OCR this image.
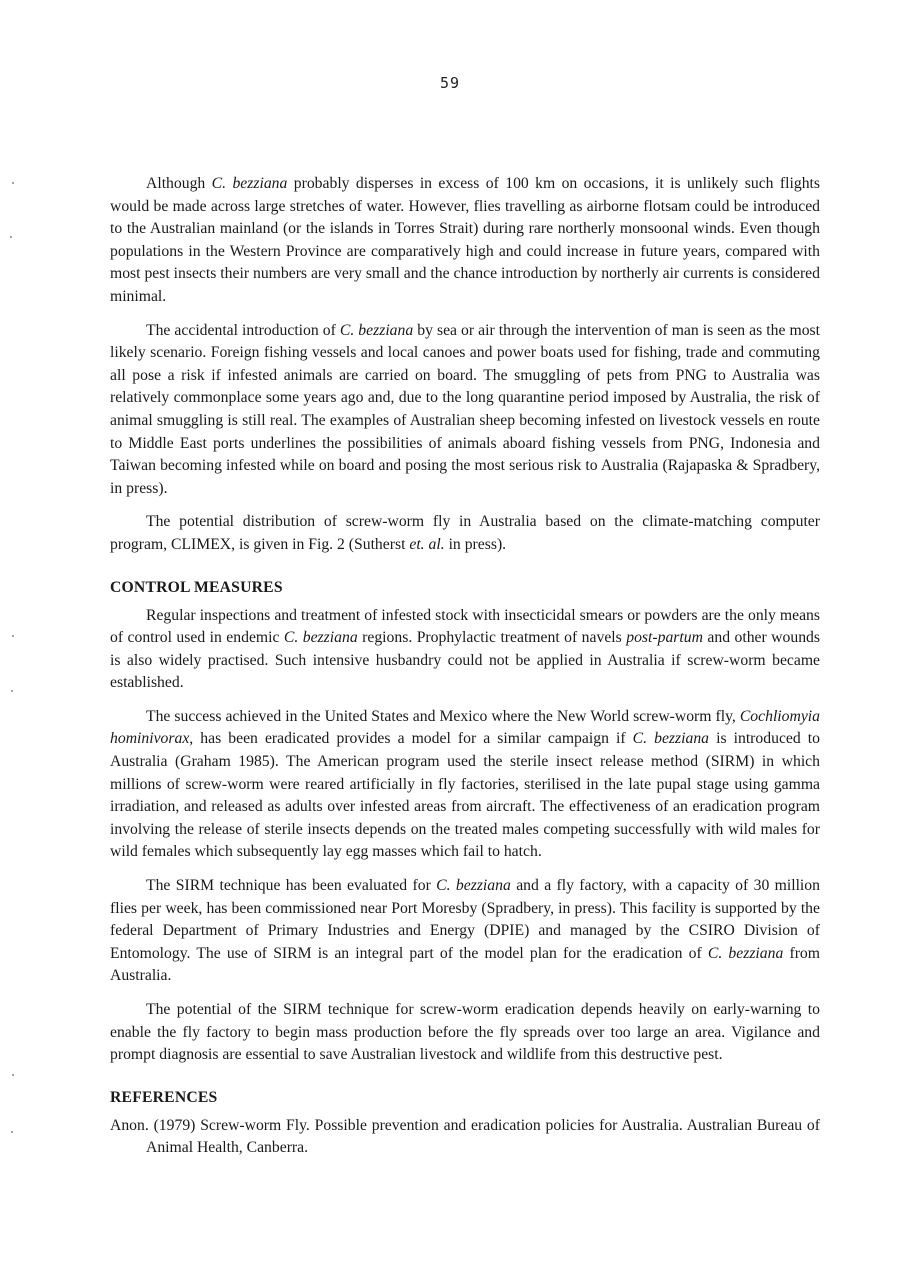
59

Although C. bezziana probably disperses in excess of 100 km on occasions, it is unlikely such flights would be made across large stretches of water. However, flies travelling as airborne flotsam could be introduced to the Australian mainland (or the islands in Torres Strait) during rare northerly monsoonal winds. Even though populations in the Western Province are comparatively high and could increase in future years, compared with most pest insects their numbers are very small and the chance introduction by northerly air currents is considered minimal.

The accidental introduction of C. bezziana by sea or air through the intervention of man is seen as the most likely scenario. Foreign fishing vessels and local canoes and power boats used for fishing, trade and commuting all pose a risk if infested animals are carried on board. The smuggling of pets from PNG to Australia was relatively commonplace some years ago and, due to the long quarantine period imposed by Australia, the risk of animal smuggling is still real. The examples of Australian sheep becoming infested on livestock vessels en route to Middle East ports underlines the possibilities of animals aboard fishing vessels from PNG, Indonesia and Taiwan becoming infested while on board and posing the most serious risk to Australia (Rajapaska & Spradbery, in press).

The potential distribution of screw-worm fly in Australia based on the climate-matching computer program, CLIMEX, is given in Fig. 2 (Sutherst et. al. in press).

CONTROL MEASURES

Regular inspections and treatment of infested stock with insecticidal smears or powders are the only means of control used in endemic C. bezziana regions. Prophylactic treatment of navels post-partum and other wounds is also widely practised. Such intensive husbandry could not be applied in Australia if screw-worm became established.

The success achieved in the United States and Mexico where the New World screw-worm fly, Cochliomyia hominivorax, has been eradicated provides a model for a similar campaign if C. bezziana is introduced to Australia (Graham 1985). The American program used the sterile insect release method (SIRM) in which millions of screw-worm were reared artificially in fly factories, sterilised in the late pupal stage using gamma irradiation, and released as adults over infested areas from aircraft. The effectiveness of an eradication program involving the release of sterile insects depends on the treated males competing successfully with wild males for wild females which subsequently lay egg masses which fail to hatch.

The SIRM technique has been evaluated for C. bezziana and a fly factory, with a capacity of 30 million flies per week, has been commissioned near Port Moresby (Spradbery, in press). This facility is supported by the federal Department of Primary Industries and Energy (DPIE) and managed by the CSIRO Division of Entomology. The use of SIRM is an integral part of the model plan for the eradication of C. bezziana from Australia.

The potential of the SIRM technique for screw-worm eradication depends heavily on early-warning to enable the fly factory to begin mass production before the fly spreads over too large an area. Vigilance and prompt diagnosis are essential to save Australian livestock and wildlife from this destructive pest.

REFERENCES

Anon. (1979) Screw-worm Fly. Possible prevention and eradication policies for Australia. Australian Bureau of Animal Health, Canberra.
